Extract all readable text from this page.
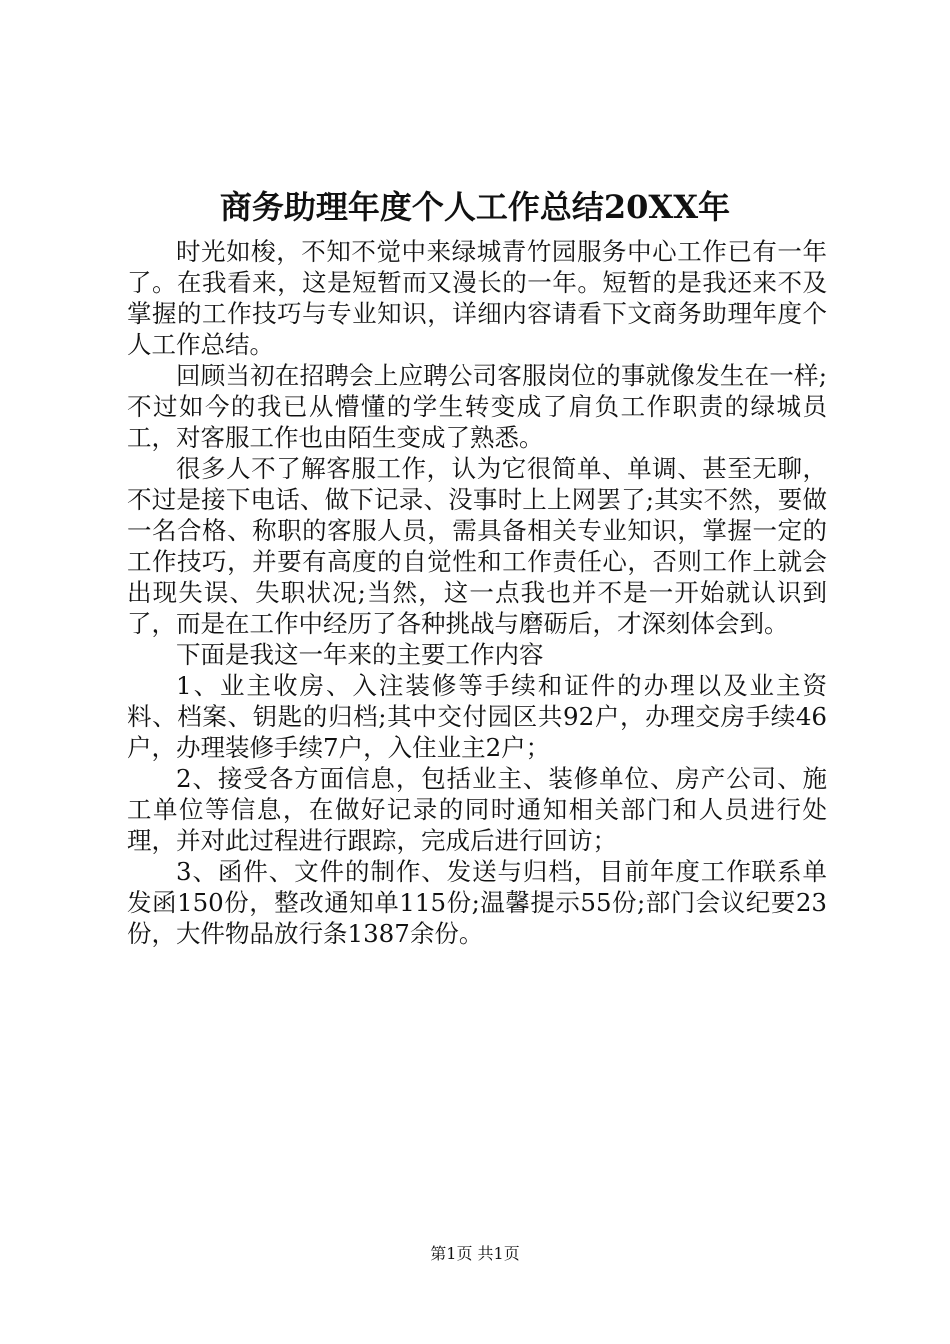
商务助理年度个人工作总结20XX年

时光如梭，不知不觉中来绿城青竹园服务中心工作已有一年了。在我看来，这是短暂而又漫长的一年。短暂的是我还来不及掌握的工作技巧与专业知识，详细内容请看下文商务助理年度个人工作总结。

回顾当初在招聘会上应聘公司客服岗位的事就像发生在一样;不过如今的我已从懵懂的学生转变成了肩负工作职责的绿城员工，对客服工作也由陌生变成了熟悉。

很多人不了解客服工作，认为它很简单、单调、甚至无聊，不过是接下电话、做下记录、没事时上上网罢了;其实不然，要做一名合格、称职的客服人员，需具备相关专业知识，掌握一定的工作技巧，并要有高度的自觉性和工作责任心，否则工作上就会出现失误、失职状况;当然，这一点我也并不是一开始就认识到了，而是在工作中经历了各种挑战与磨砺后，才深刻体会到。

下面是我这一年来的主要工作内容

1、业主收房、入注装修等手续和证件的办理以及业主资料、档案、钥匙的归档;其中交付园区共92户，办理交房手续46户，办理装修手续7户，入住业主2户；

2、接受各方面信息，包括业主、装修单位、房产公司、施工单位等信息，在做好记录的同时通知相关部门和人员进行处理，并对此过程进行跟踪，完成后进行回访；

3、函件、文件的制作、发送与归档，目前年度工作联系单发函150份，整改通知单115份;温馨提示55份;部门会议纪要23份，大件物品放行条1387余份。

第1页 共1页
